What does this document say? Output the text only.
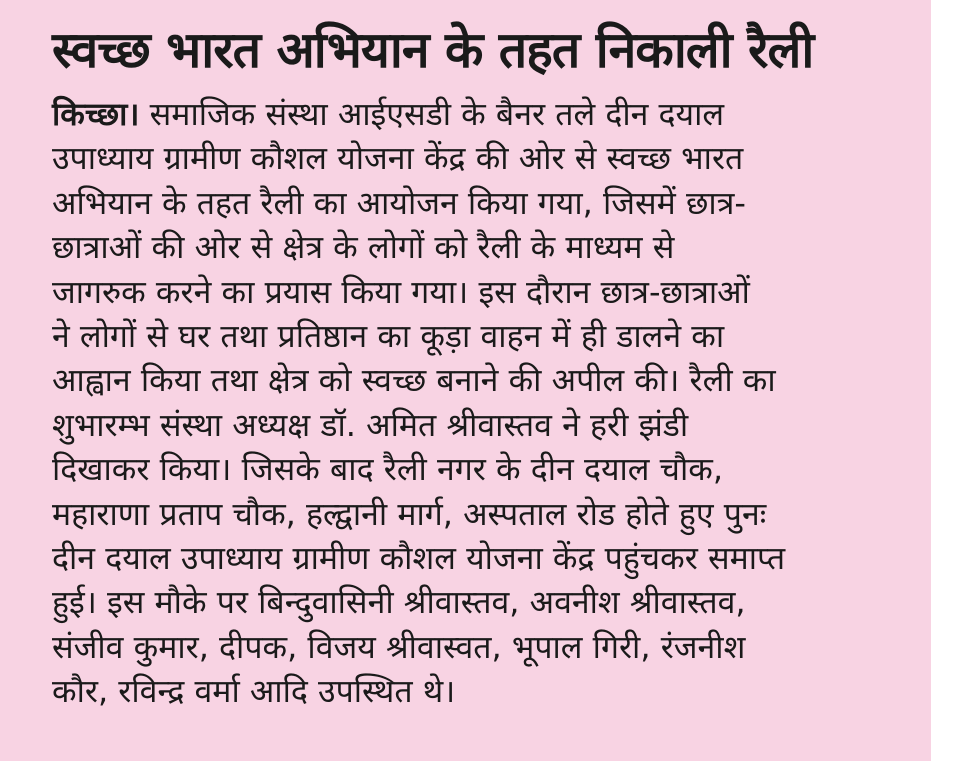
स्वच्छ भारत अभियान के तहत निकाली रैली
किच्छा। समाजिक संस्था आईएसडी के बैनर तले दीन दयाल
उपाध्याय ग्रामीण कौशल योजना केंद्र की ओर से स्वच्छ भारत
अभियान के तहत रैली का आयोजन किया गया, जिसमें छात्र-
छात्राओं की ओर से क्षेत्र के लोगों को रैली के माध्यम से
जागरुक करने का प्रयास किया गया। इस दौरान छात्र-छात्राओं
ने लोगों से घर तथा प्रतिष्ठान का कूड़ा वाहन में ही डालने का
आह्वान किया तथा क्षेत्र को स्वच्छ बनाने की अपील की। रैली का
शुभारम्भ संस्था अध्यक्ष डॉ. अमित श्रीवास्तव ने हरी झंडी
दिखाकर किया। जिसके बाद रैली नगर के दीन दयाल चौक,
महाराणा प्रताप चौक, हल्द्वानी मार्ग, अस्पताल रोड होते हुए पुनः
दीन दयाल उपाध्याय ग्रामीण कौशल योजना केंद्र पहुंचकर समाप्त
हुई। इस मौके पर बिन्दुवासिनी श्रीवास्तव, अवनीश श्रीवास्तव,
संजीव कुमार, दीपक, विजय श्रीवास्वत, भूपाल गिरी, रंजनीश
कौर, रविन्द्र वर्मा आदि उपस्थित थे।
